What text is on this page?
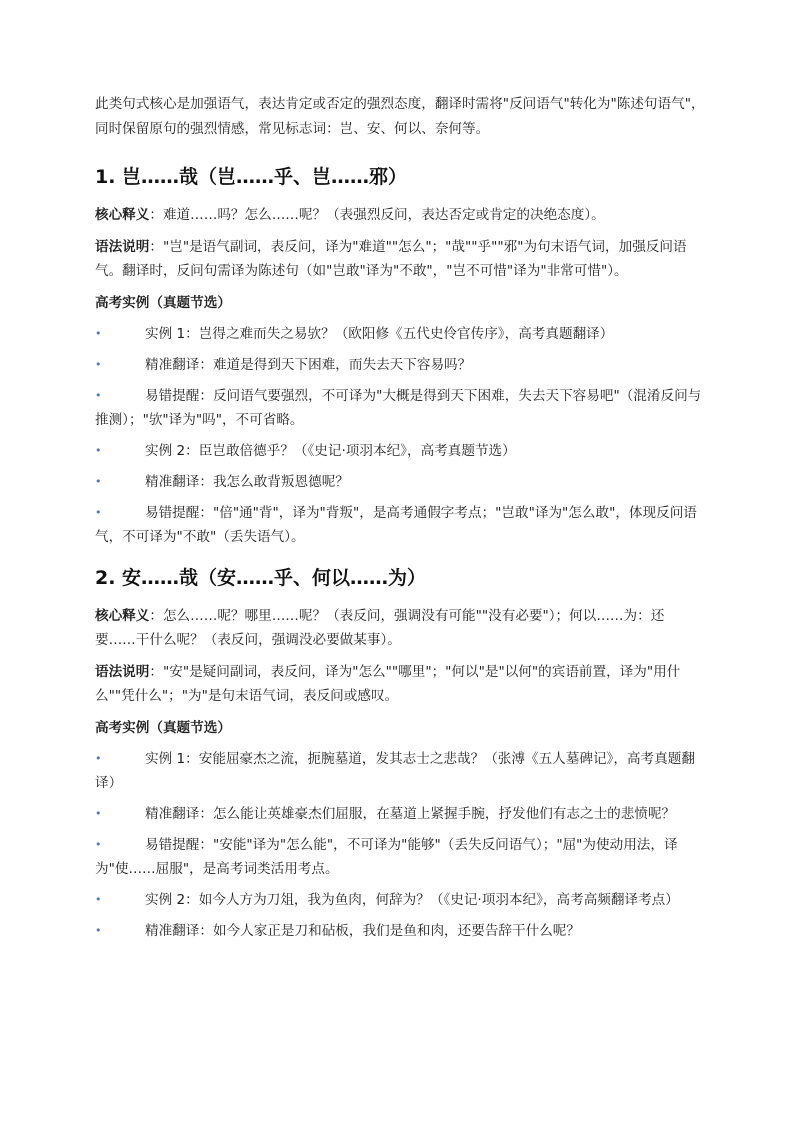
此类句式核心是加强语气，表达肯定或否定的强烈态度，翻译时需将"反问语气"转化为"陈述句语气"，同时保留原句的强烈情感，常见标志词：岂、安、何以、奈何等。

1. 岂……哉（岂……乎、岂……邪）

核心释义：难道……吗？怎么……呢？（表强烈反问，表达否定或肯定的决绝态度）。

语法说明："岂"是语气副词，表反问，译为"难道""怎么"；"哉""乎""邪"为句末语气词，加强反问语气。翻译时，反问句需译为陈述句（如"岂敢"译为"不敢"，"岂不可惜"译为"非常可惜"）。

高考实例（真题节选）
•	实例 1：岂得之难而失之易欤？（欧阳修《五代史伶官传序》，高考真题翻译）
•	精准翻译：难道是得到天下困难，而失去天下容易吗？
•	易错提醒：反问语气要强烈，不可译为"大概是得到天下困难，失去天下容易吧"（混淆反问与推测）；"欤"译为"吗"，不可省略。
•	实例 2：臣岂敢倍德乎？（《史记·项羽本纪》，高考真题节选）
•	精准翻译：我怎么敢背叛恩德呢？
•	易错提醒："倍"通"背"，译为"背叛"，是高考通假字考点；"岂敢"译为"怎么敢"，体现反问语气，不可译为"不敢"（丢失语气）。
2. 安……哉（安……乎、何以……为）

核心释义：怎么……呢？哪里……呢？（表反问，强调没有可能""没有必要"）；何以……为：还要……干什么呢？（表反问，强调没必要做某事）。

语法说明："安"是疑问副词，表反问，译为"怎么""哪里"；"何以"是"以何"的宾语前置，译为"用什么""凭什么"；"为"是句末语气词，表反问或感叹。

高考实例（真题节选）
•	实例 1：安能屈豪杰之流，扼腕墓道，发其志士之悲哉？（张溥《五人墓碑记》，高考真题翻译）
•	精准翻译：怎么能让英雄豪杰们屈服，在墓道上紧握手腕，抒发他们有志之士的悲愤呢？
•	易错提醒："安能"译为"怎么能"，不可译为"能够"（丢失反问语气）；"屈"为使动用法，译为"使……屈服"，是高考词类活用考点。
•	实例 2：如今人方为刀俎，我为鱼肉，何辞为？（《史记·项羽本纪》，高考高频翻译考点）
•	精准翻译：如今人家正是刀和砧板，我们是鱼和肉，还要告辞干什么呢？
